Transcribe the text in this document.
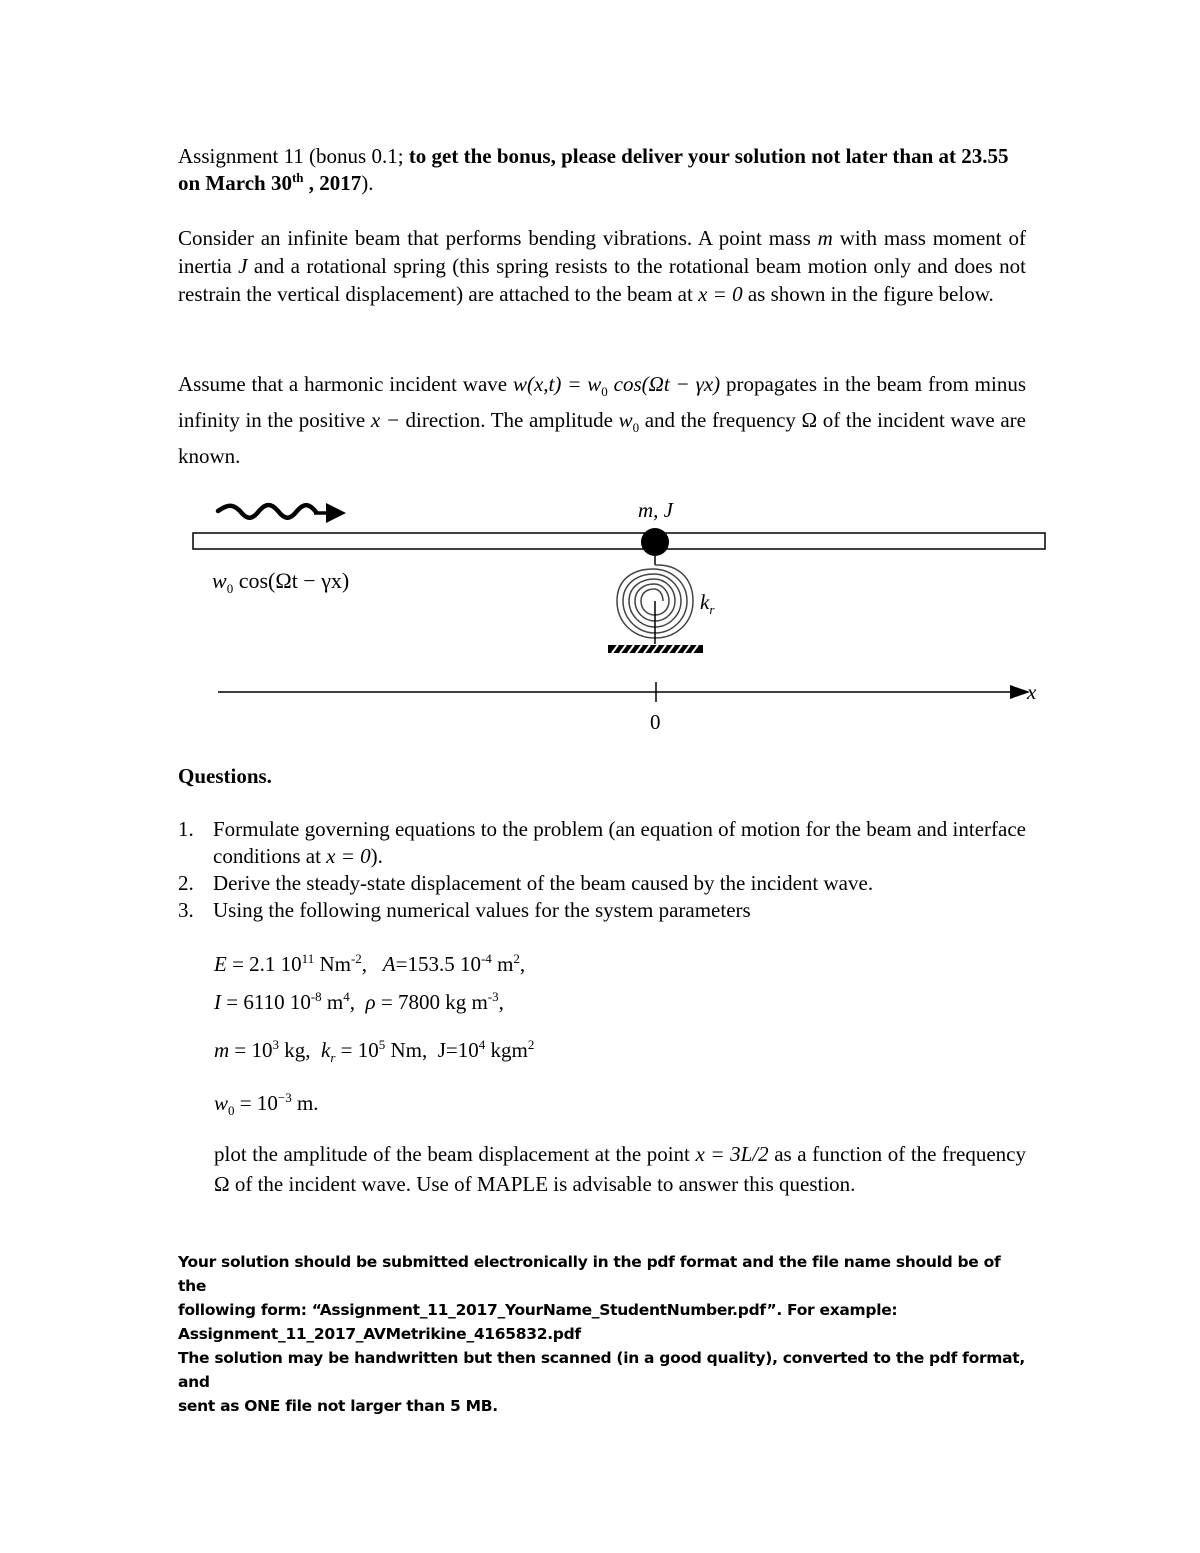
Assignment 11 (bonus 0.1; to get the bonus, please deliver your solution not later than at 23.55 on March 30th , 2017).
Consider an infinite beam that performs bending vibrations. A point mass m with mass moment of inertia J and a rotational spring (this spring resists to the rotational beam motion only and does not restrain the vertical displacement) are attached to the beam at x = 0 as shown in the figure below.
Assume that a harmonic incident wave $w(x,t) = w_0$ cos(Ωt − γx) propagates in the beam from minus infinity in the positive x − direction. The amplitude $w_0$ and the frequency Ω of the incident wave are known.
m, J
$k_r$
$w_0$ cos(Ωt − γx)
x
0
Questions.
1. Formulate governing equations to the problem (an equation of motion for the beam and interface conditions at x = 0).
2. Derive the steady-state displacement of the beam caused by the incident wave.
3. Using the following numerical values for the system parameters
E = 2.1 $10^{11}$ $Nm^{-2}$,   A=153.5 $10^{-4}$ $m^2$,
I = 6110 $10^{-8}$ $m^4$,  ρ = 7800 kg $m^{-3}$,
$m = 10^3$ kg,  $k_r = 10^5$ Nm,  $J=10^4$ kgm$^2$
$w_0 = 10^{-3}$ m.
plot the amplitude of the beam displacement at the point x = 3L/2 as a function of the frequency Ω of the incident wave. Use of MAPLE is advisable to answer this question.
Your solution should be submitted electronically in the pdf format and the file name should be of the
following form: “Assignment_11_2017_YourName_StudentNumber.pdf”. For example:
Assignment_11_2017_AVMetrikine_4165832.pdf
The solution may be handwritten but then scanned (in a good quality), converted to the pdf format, and
sent as ONE file not larger than 5 MB.
